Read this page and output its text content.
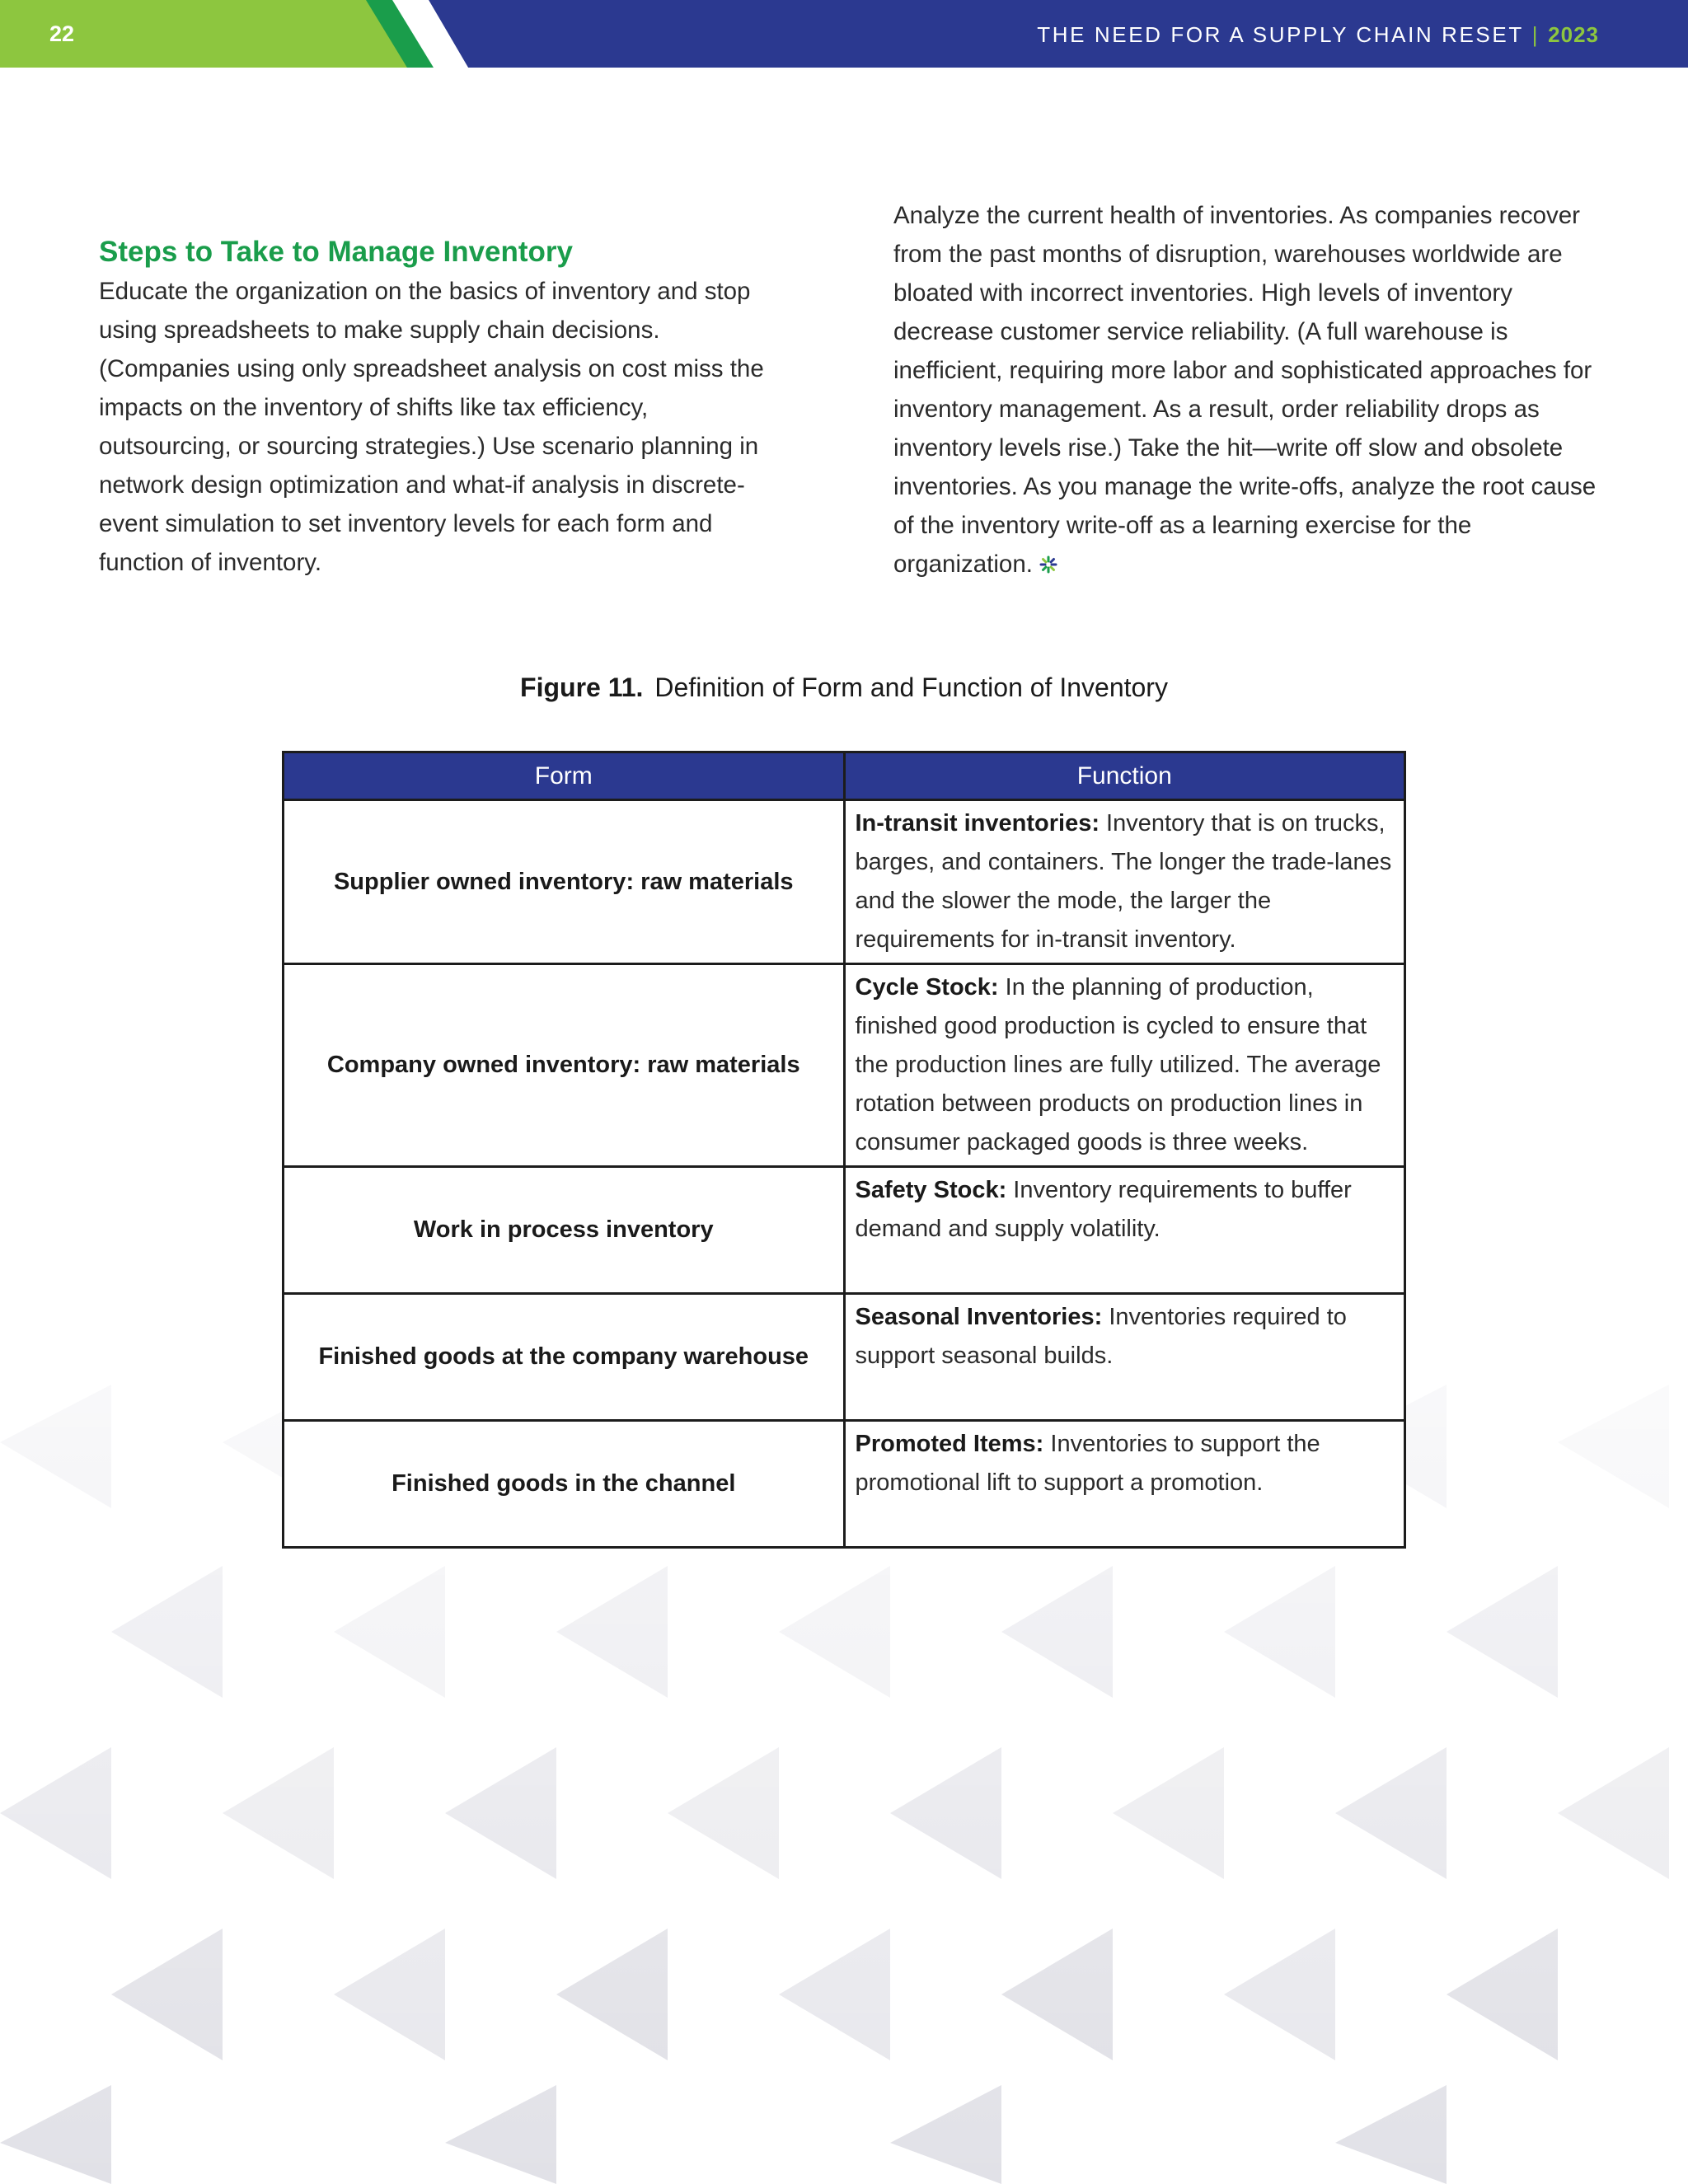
22	THE NEED FOR A SUPPLY CHAIN RESET | 2023
Steps to Take to Manage Inventory

Educate the organization on the basics of inventory and stop using spreadsheets to make supply chain decisions. (Companies using only spreadsheet analysis on cost miss the impacts on the inventory of shifts like tax efficiency, outsourcing, or sourcing strategies.) Use scenario planning in network design optimization and what-if analysis in discrete-event simulation to set inventory levels for each form and function of inventory.

Analyze the current health of inventories. As companies recover from the past months of disruption, warehouses worldwide are bloated with incorrect inventories. High levels of inventory decrease customer service reliability. (A full warehouse is inefficient, requiring more labor and sophisticated approaches for inventory management. As a result, order reliability drops as inventory levels rise.) Take the hit—write off slow and obsolete inventories. As you manage the write-offs, analyze the root cause of the inventory write-off as a learning exercise for the organization.

Figure 11. Definition of Form and Function of Inventory
Form	Function
Supplier owned inventory: raw materials	In-transit inventories: Inventory that is on trucks, barges, and containers. The longer the trade-lanes and the slower the mode, the larger the requirements for in-transit inventory.
Company owned inventory: raw materials	Cycle Stock: In the planning of production, finished good production is cycled to ensure that the production lines are fully utilized. The average rotation between products on production lines in consumer packaged goods is three weeks.
Work in process inventory	Safety Stock: Inventory requirements to buffer demand and supply volatility.
Finished goods at the company warehouse	Seasonal Inventories: Inventories required to support seasonal builds.
Finished goods in the channel	Promoted Items: Inventories to support the promotional lift to support a promotion.
